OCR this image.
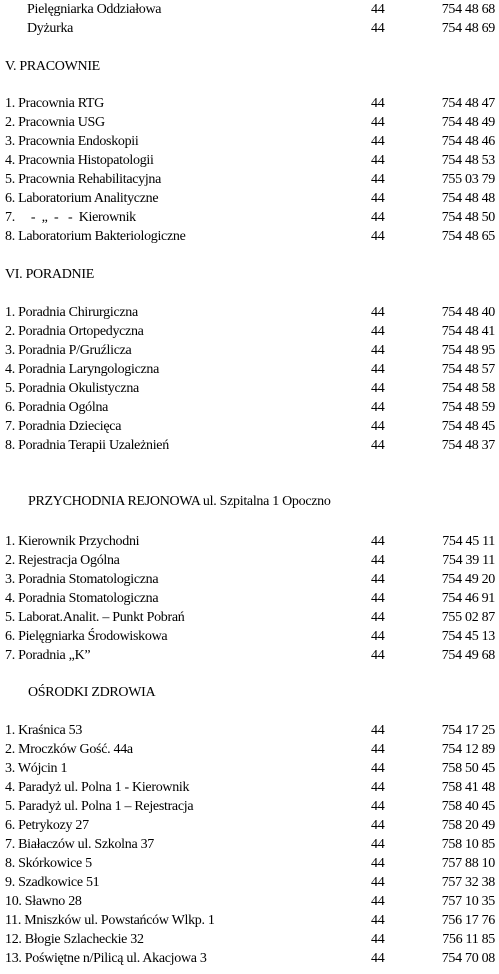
Pielęgniarka Oddziałowa	44	754 48 68
Dyżurka	44	754 48 69
V. PRACOWNIE
1. Pracownia RTG	44	754 48 47
2. Pracownia USG	44	754 48 49
3. Pracownia Endoskopii	44	754 48 46
4. Pracownia Histopatologii	44	754 48 53
5. Pracownia Rehabilitacyjna	44	755 03 79
6. Laboratorium Analityczne	44	754 48 48
7.     -  „  -   -  Kierownik	44	754 48 50
8. Laboratorium Bakteriologiczne	44	754 48 65
VI. PORADNIE
1. Poradnia Chirurgiczna	44	754 48 40
2. Poradnia Ortopedyczna	44	754 48 41
3. Poradnia P/Gruźlicza	44	754 48 95
4. Poradnia Laryngologiczna	44	754 48 57
5. Poradnia Okulistyczna	44	754 48 58
6. Poradnia Ogólna	44	754 48 59
7. Poradnia Dziecięca	44	754 48 45
8. Poradnia Terapii Uzależnień	44	754 48 37
PRZYCHODNIA REJONOWA ul. Szpitalna 1 Opoczno
1. Kierownik Przychodni	44	754 45 11
2. Rejestracja Ogólna	44	754 39 11
3. Poradnia Stomatologiczna	44	754 49 20
4. Poradnia Stomatologiczna	44	754 46 91
5. Laborat.Analit. – Punkt Pobrań	44	755 02 87
6. Pielęgniarka Środowiskowa	44	754 45 13
7. Poradnia „K”	44	754 49 68
OŚRODKI ZDROWIA
1. Kraśnica 53	44	754 17 25
2. Mroczków Gość. 44a	44	754 12 89
3. Wójcin 1	44	758 50 45
4. Paradyż ul. Polna 1 - Kierownik	44	758 41 48
5. Paradyż ul. Polna 1 – Rejestracja	44	758 40 45
6. Petrykozy 27	44	758 20 49
7. Białaczów ul. Szkolna 37	44	758 10 85
8. Skórkowice 5	44	757 88 10
9. Szadkowice 51	44	757 32 38
10. Sławno 28	44	757 10 35
11. Mniszków ul. Powstańców Wlkp. 1	44	756 17 76
12. Błogie Szlacheckie 32	44	756 11 85
13. Poświętne n/Pilicą ul. Akacjowa 3	44	754 70 08
